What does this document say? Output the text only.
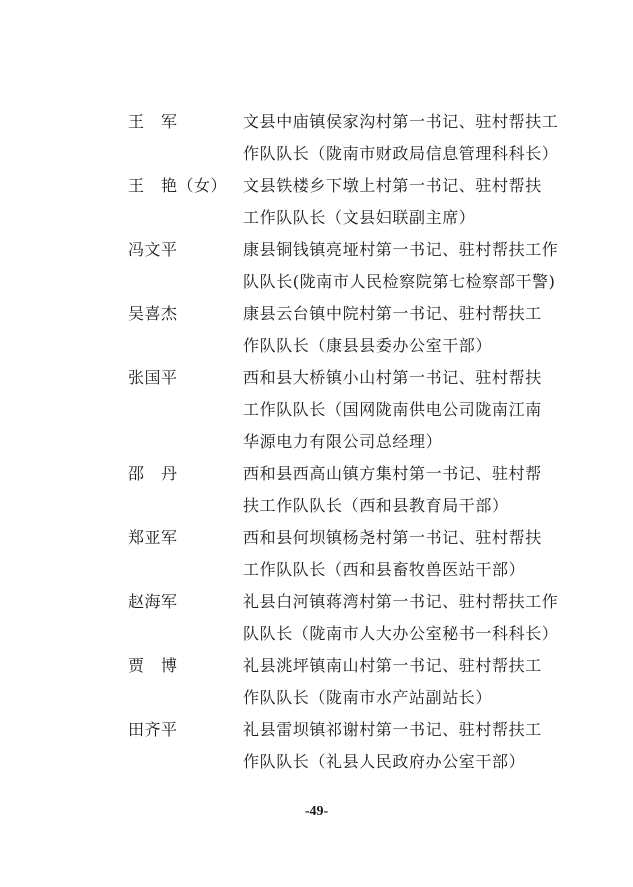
王　军	文县中庙镇侯家沟村第一书记、驻村帮扶工
作队队长（陇南市财政局信息管理科科长）
王　艳（女） 文县铁楼乡下墩上村第一书记、驻村帮扶
工作队队长（文县妇联副主席）
冯文平	康县铜钱镇亮垭村第一书记、驻村帮扶工作
队队长(陇南市人民检察院第七检察部干警)
吴喜杰	康县云台镇中院村第一书记、驻村帮扶工
作队队长（康县县委办公室干部）
张国平	西和县大桥镇小山村第一书记、驻村帮扶
工作队队长（国网陇南供电公司陇南江南
华源电力有限公司总经理）
邵　丹	西和县西高山镇方集村第一书记、驻村帮
扶工作队队长（西和县教育局干部）
郑亚军	西和县何坝镇杨尧村第一书记、驻村帮扶
工作队队长（西和县畜牧兽医站干部）
赵海军	礼县白河镇蒋湾村第一书记、驻村帮扶工作
队队长（陇南市人大办公室秘书一科科长）
贾　博	礼县洮坪镇南山村第一书记、驻村帮扶工
作队队长（陇南市水产站副站长）
田齐平	礼县雷坝镇祁谢村第一书记、驻村帮扶工
作队队长（礼县人民政府办公室干部）
-49-
